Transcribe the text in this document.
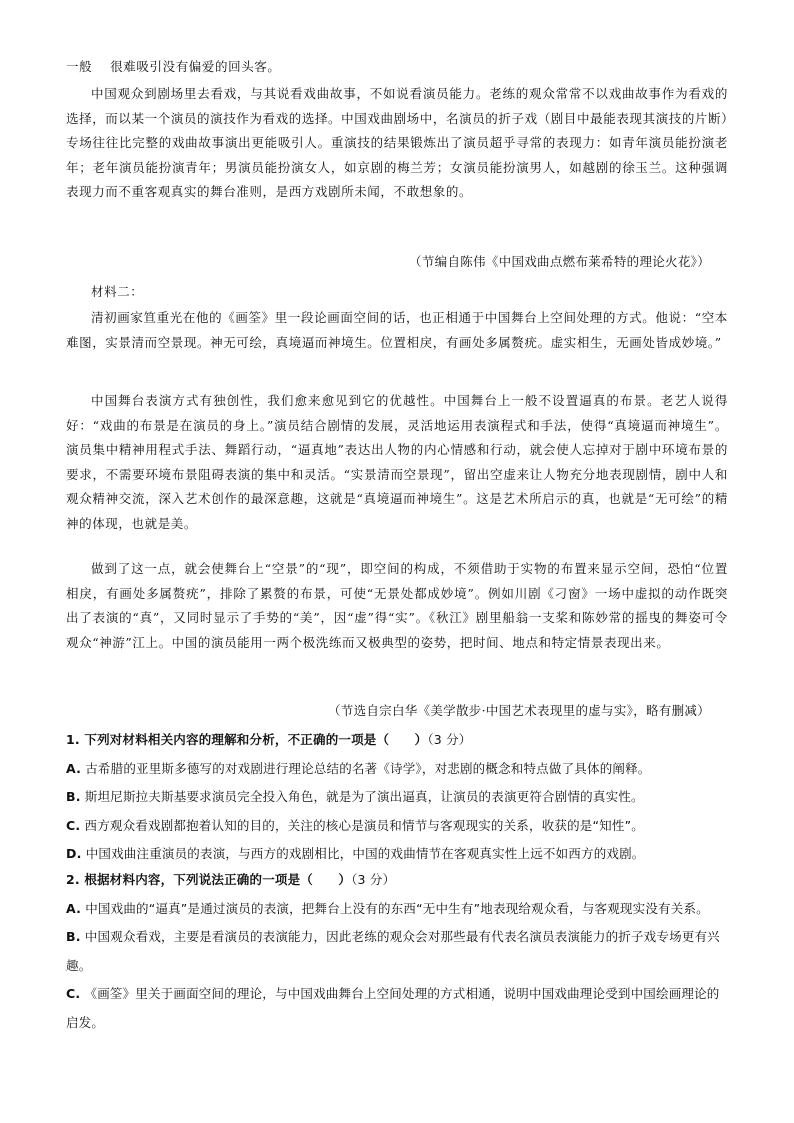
一般 很难吸引没有偏爱的回头客。

中国观众到剧场里去看戏，与其说看戏曲故事，不如说看演员能力。老练的观众常常不以戏曲故事作为看戏的选择，而以某一个演员的演技作为看戏的选择。中国戏曲剧场中，名演员的折子戏（剧目中最能表现其演技的片断）专场往往比完整的戏曲故事演出更能吸引人。重演技的结果锻炼出了演员超乎寻常的表现力：如青年演员能扮演老年；老年演员能扮演青年；男演员能扮演女人，如京剧的梅兰芳；女演员能扮演男人，如越剧的徐玉兰。这种强调表现力而不重客观真实的舞台准则，是西方戏剧所未闻，不敢想象的。

（节编自陈伟《中国戏曲点燃布莱希特的理论火花》）

材料二：

清初画家笪重光在他的《画筌》里一段论画面空间的话，也正相通于中国舞台上空间处理的方式。他说：“空本难图，实景清而空景现。神无可绘，真境逼而神境生。位置相戾，有画处多属赘疣。虚实相生，无画处皆成妙境。”

中国舞台表演方式有独创性，我们愈来愈见到它的优越性。中国舞台上一般不设置逼真的布景。老艺人说得好：“戏曲的布景是在演员的身上。”演员结合剧情的发展，灵活地运用表演程式和手法，使得“真境逼而神境生”。演员集中精神用程式手法、舞蹈行动，“逼真地”表达出人物的内心情感和行动，就会使人忘掉对于剧中环境布景的要求，不需要环境布景阻碍表演的集中和灵活。“实景清而空景现”，留出空虚来让人物充分地表现剧情，剧中人和观众精神交流，深入艺术创作的最深意趣，这就是“真境逼而神境生”。这是艺术所启示的真，也就是“无可绘”的精神的体现，也就是美。

做到了这一点，就会使舞台上“空景”的“现”，即空间的构成，不须借助于实物的布置来显示空间，恐怕“位置相戾，有画处多属赘疣”，排除了累赘的布景，可使“无景处都成妙境”。例如川剧《刁窗》一场中虚拟的动作既突出了表演的“真”，又同时显示了手势的“美”，因“虚”得“实”。《秋江》剧里船翁一支桨和陈妙常的摇曳的舞姿可令观众“神游”江上。中国的演员能用一两个极洗练而又极典型的姿势，把时间、地点和特定情景表现出来。

（节选自宗白华《美学散步·中国艺术表现里的虚与实》，略有删减）
1. 下列对材料相关内容的理解和分析，不正确的一项是（　　）（3 分）
A. 古希腊的亚里斯多德写的对戏剧进行理论总结的名著《诗学》，对悲剧的概念和特点做了具体的阐释。
B. 斯坦尼斯拉夫斯基要求演员完全投入角色，就是为了演出逼真，让演员的表演更符合剧情的真实性。
C. 西方观众看戏剧都抱着认知的目的，关注的核心是演员和情节与客观现实的关系，收获的是“知性”。
D. 中国戏曲注重演员的表演，与西方的戏剧相比，中国的戏曲情节在客观真实性上远不如西方的戏剧。
2. 根据材料内容，下列说法正确的一项是（　　）（3 分）
A. 中国戏曲的“逼真”是通过演员的表演，把舞台上没有的东西“无中生有”地表现给观众看，与客观现实没有关系。
B. 中国观众看戏，主要是看演员的表演能力，因此老练的观众会对那些最有代表名演员表演能力的折子戏专场更有兴趣。
C. 《画筌》里关于画面空间的理论，与中国戏曲舞台上空间处理的方式相通，说明中国戏曲理论受到中国绘画理论的启发。
